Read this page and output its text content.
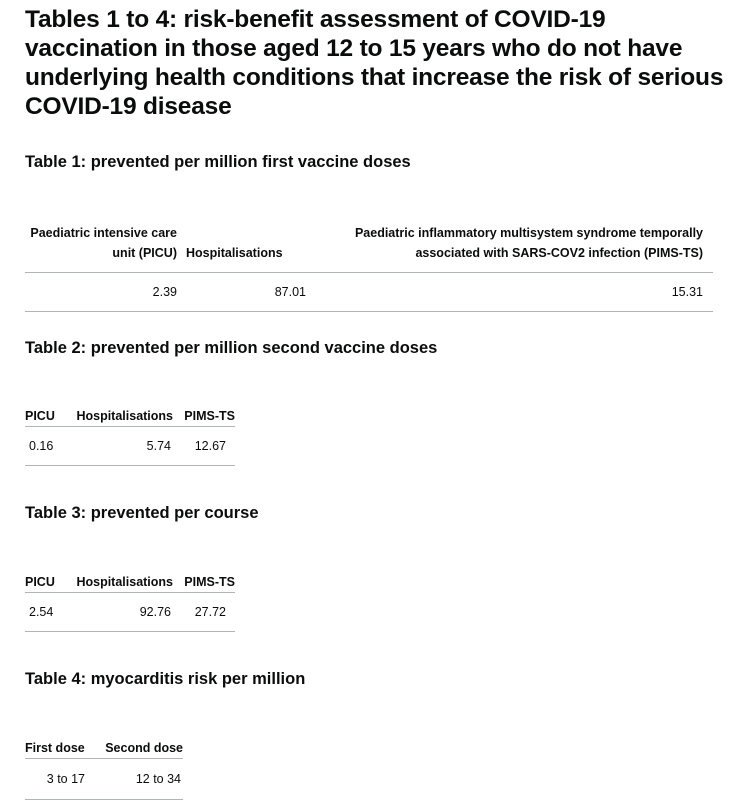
Tables 1 to 4: risk-benefit assessment of COVID-19 vaccination in those aged 12 to 15 years who do not have underlying health conditions that increase the risk of serious COVID-19 disease
Table 1: prevented per million first vaccine doses
Paediatric intensive care unit (PICU)	Hospitalisations	Paediatric inflammatory multisystem syndrome temporally associated with SARS-COV2 infection (PIMS-TS)
2.39	87.01	15.31
Table 2: prevented per million second vaccine doses
PICU	Hospitalisations	PIMS-TS
0.16	5.74	12.67
Table 3: prevented per course
PICU	Hospitalisations	PIMS-TS
2.54	92.76	27.72
Table 4: myocarditis risk per million
First dose	Second dose
3 to 17	12 to 34
